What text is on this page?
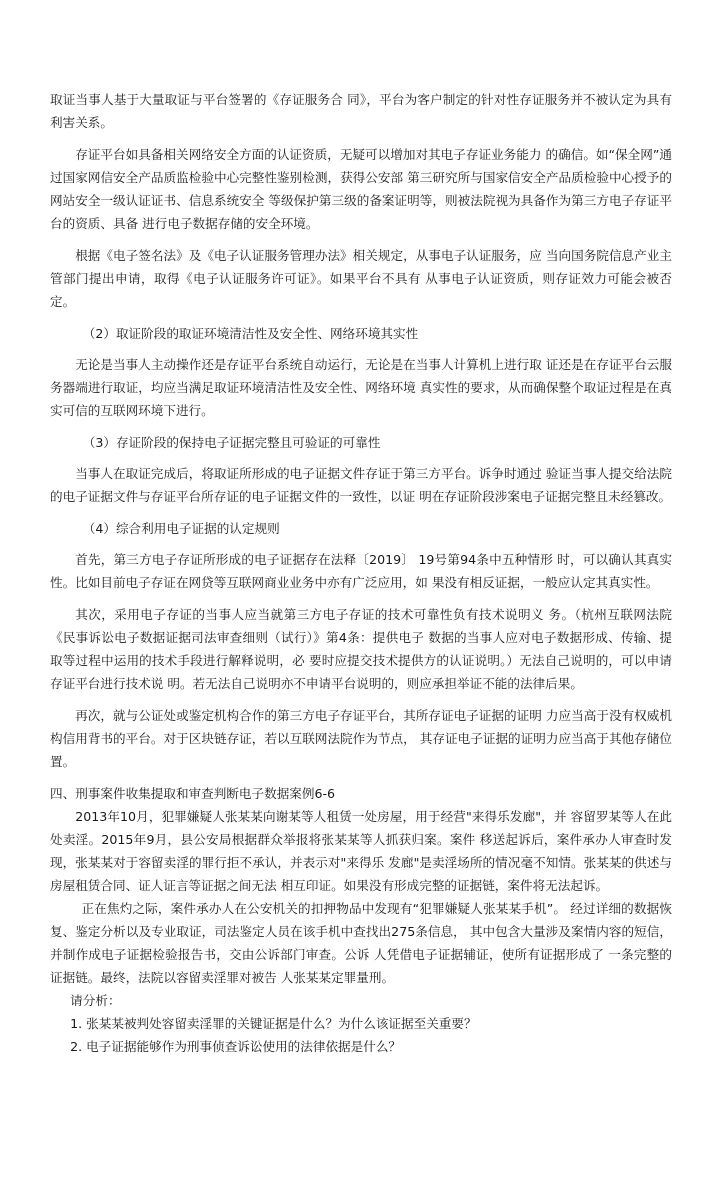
取证当事人基于大量取证与平台签署的《存证服务合 同》，平台为客户制定的针对性存证服务并不被认定为具有利害关系。

存证平台如具备相关网络安全方面的认证资质，无疑可以增加对其电子存证业务能力 的确信。如“保全网”通过国家网信安全产品质监检验中心完整性鉴别检测，获得公安部 第三研究所与国家信安全产品质检验中心授予的网站安全一级认证证书、信息系统安全 等级保护第三级的备案证明等，则被法院视为具备作为第三方电子存证平台的资质、具备 进行电子数据存储的安全环境。

根据《电子签名法》及《电子认证服务管理办法》相关规定，从事电子认证服务，应 当向国务院信息产业主管部门提出申请，取得《电子认证服务许可证》。如果平台不具有 从事电子认证资质，则存证效力可能会被否定。

（2）取证阶段的取证环境清洁性及安全性、网络环境其实性

无论是当事人主动操作还是存证平台系统自动运行，无论是在当事人计算机上进行取 证还是在存证平台云服务器端进行取证，均应当满足取证环境清洁性及安全性、网络环境 真实性的要求，从而确保整个取证过程是在真实可信的互联网环境下进行。

（3）存证阶段的保持电子证据完整且可验证的可靠性

当事人在取证完成后，将取证所形成的电子证据文件存证于第三方平台。诉争时通过 验证当事人提交给法院的电子证据文件与存证平台所存证的电子证据文件的一致性，以证 明在存证阶段涉案电子证据完整且未经篡改。

（4）综合利用电子证据的认定规则

首先，第三方电子存证所形成的电子证据存在法释〔2019〕 19号第94条中五种情形 时，可以确认其真实性。比如目前电子存证在网贷等互联网商业业务中亦有广泛应用，如 果没有相反证据，一般应认定其真实性。

其次，采用电子存证的当事人应当就第三方电子存证的技术可靠性负有技术说明义 务。（杭州互联网法院《民事诉讼电子数据证据司法审查细则（试行）》第4条：提供电子 数据的当事人应对电子数据形成、传输、提取等过程中运用的技术手段进行解释说明，必 要时应提交技术提供方的认证说明。）无法自己说明的，可以申请存证平台进行技术说 明。若无法自己说明亦不申请平台说明的，则应承担举证不能的法律后果。

再次，就与公证处或鉴定机构合作的第三方电子存证平台，其所存证电子证据的证明 力应当高于没有权威机构信用背书的平台。对于区块链存证，若以互联网法院作为节点， 其存证电子证据的证明力应当高于其他存储位置。

四、刑事案件收集提取和审查判断电子数据案例6-6

2013年10月，犯罪嫌疑人张某某向谢某等人租赁一处房屋，用于经营"来得乐发廊"，并 容留罗某等人在此处卖淫。2015年9月，县公安局根据群众举报将张某某等人抓获归案。案件 移送起诉后，案件承办人审查时发现，张某某对于容留卖淫的罪行拒不承认，并表示对"来得乐 发廊"是卖淫场所的情况毫不知情。张某某的供述与房屋租赁合同、证人证言等证据之间无法 相互印证。如果没有形成完整的证据链，案件将无法起诉。

正在焦灼之际，案件承办人在公安机关的扣押物品中发现有“犯罪嫌疑人张某某手机”。 经过详细的数据恢复、鉴定分析以及专业取证，司法鉴定人员在该手机中查找出275条信息， 其中包含大量涉及案情内容的短信，并制作成电子证据检验报告书，交由公诉部门审查。公诉 人凭借电子证据辅证，使所有证据形成了 一条完整的证据链。最终，法院以容留卖淫罪对被告 人张某某定罪量刑。

请分析：

1. 张某某被判处容留卖淫罪的关键证据是什么？为什么该证据至关重要？

2. 电子证据能够作为刑事侦查诉讼使用的法律依据是什么？
